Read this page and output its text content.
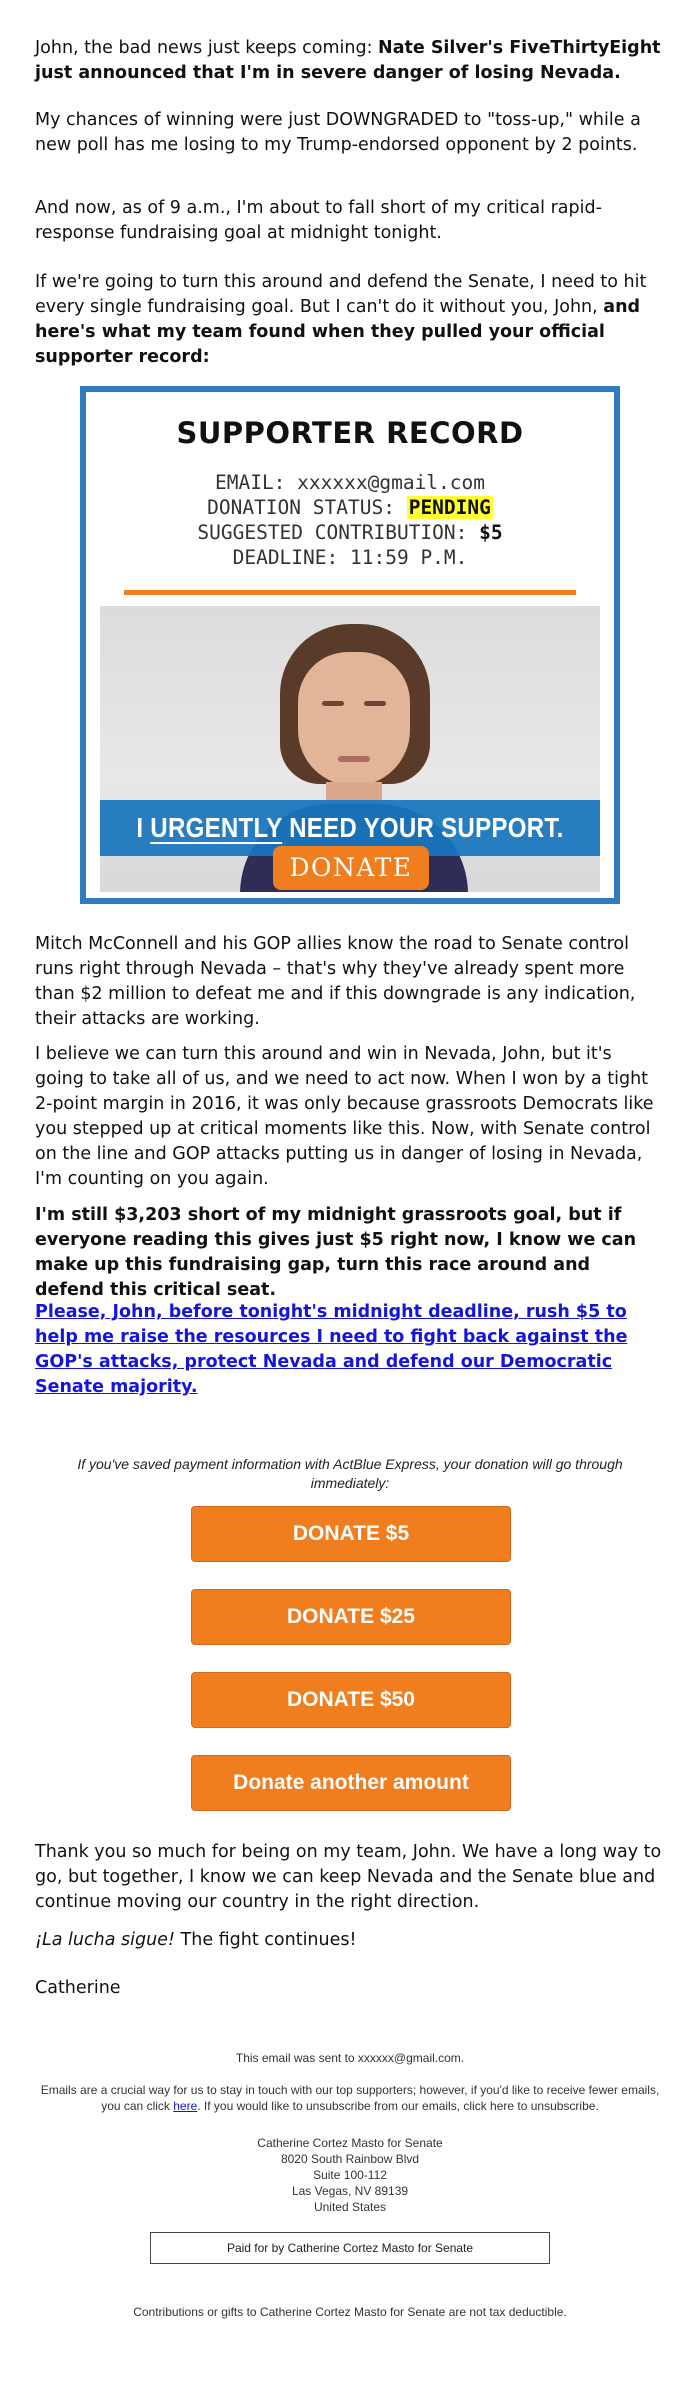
John, the bad news just keeps coming: Nate Silver's FiveThirtyEight just announced that I'm in severe danger of losing Nevada.

My chances of winning were just DOWNGRADED to "toss-up," while a new poll has me losing to my Trump-endorsed opponent by 2 points.

And now, as of 9 a.m., I'm about to fall short of my critical rapid-response fundraising goal at midnight tonight.

If we're going to turn this around and defend the Senate, I need to hit every single fundraising goal. But I can't do it without you, John, and here's what my team found when they pulled your official supporter record:

SUPPORTER RECORD
EMAIL: xxxxxx@gmail.com
DONATION STATUS: PENDING
SUGGESTED CONTRIBUTION: $5
DEADLINE: 11:59 P.M.
I URGENTLY NEED YOUR SUPPORT.
DONATE

Mitch McConnell and his GOP allies know the road to Senate control runs right through Nevada – that's why they've already spent more than $2 million to defeat me and if this downgrade is any indication, their attacks are working.

I believe we can turn this around and win in Nevada, John, but it's going to take all of us, and we need to act now. When I won by a tight 2-point margin in 2016, it was only because grassroots Democrats like you stepped up at critical moments like this. Now, with Senate control on the line and GOP attacks putting us in danger of losing in Nevada, I'm counting on you again.

I'm still $3,203 short of my midnight grassroots goal, but if everyone reading this gives just $5 right now, I know we can make up this fundraising gap, turn this race around and defend this critical seat.

Please, John, before tonight's midnight deadline, rush $5 to help me raise the resources I need to fight back against the GOP's attacks, protect Nevada and defend our Democratic Senate majority.
If you've saved payment information with ActBlue Express, your donation will go through immediately:
DONATE $5
DONATE $25
DONATE $50
Donate another amount

Thank you so much for being on my team, John. We have a long way to go, but together, I know we can keep Nevada and the Senate blue and continue moving our country in the right direction.

¡La lucha sigue! The fight continues!

Catherine

This email was sent to xxxxxx@gmail.com.
Emails are a crucial way for us to stay in touch with our top supporters; however, if you'd like to receive fewer emails, you can click here. If you would like to unsubscribe from our emails, click here to unsubscribe.
Catherine Cortez Masto for Senate
8020 South Rainbow Blvd
Suite 100-112
Las Vegas, NV 89139
United States
Paid for by Catherine Cortez Masto for Senate
Contributions or gifts to Catherine Cortez Masto for Senate are not tax deductible.
